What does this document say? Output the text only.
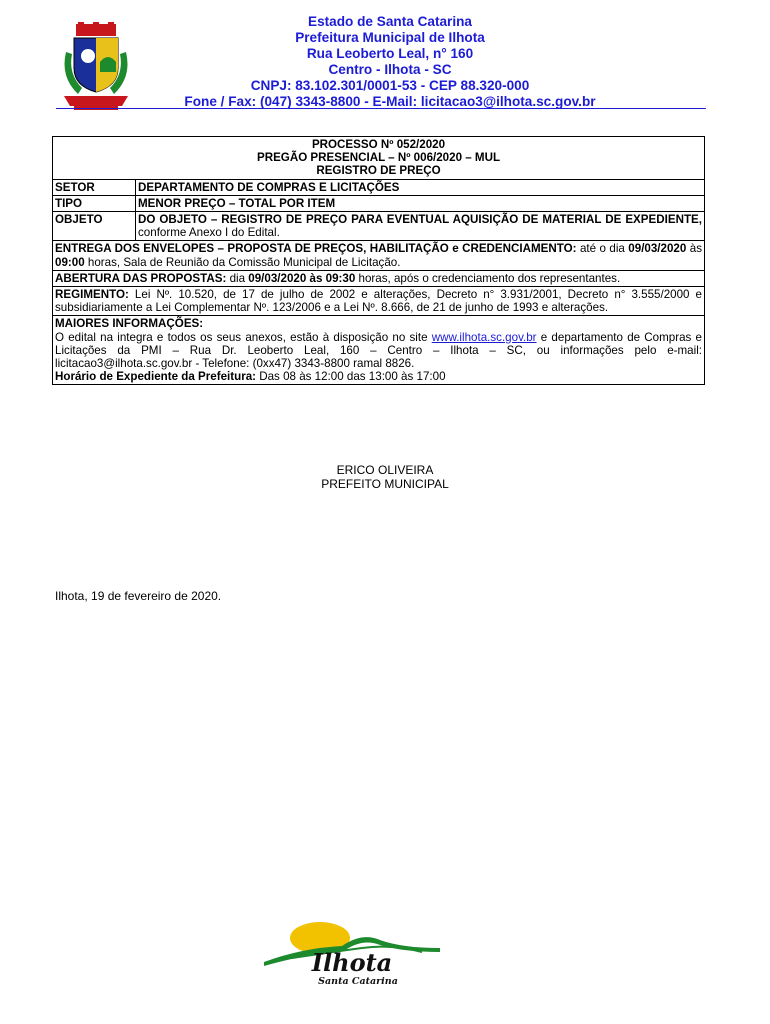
Estado de Santa Catarina
Prefeitura Municipal de Ilhota
Rua Leoberto Leal, n° 160
Centro - Ilhota - SC
CNPJ: 83.102.301/0001-53 - CEP 88.320-000
Fone / Fax: (047) 3343-8800 - E-Mail: licitacao3@ilhota.sc.gov.br
PROCESSO Nº 052/2020
PREGÃO PRESENCIAL – Nº 006/2020 – MUL
REGISTRO DE PREÇO	

SETOR	DEPARTAMENTO DE COMPRAS E LICITAÇÕES
TIPO	MENOR PREÇO – TOTAL POR ITEM
OBJETO	DO OBJETO – REGISTRO DE PREÇO PARA EVENTUAL AQUISIÇÃO DE MATERIAL DE EXPEDIENTE, conforme Anexo I do Edital.
ENTREGA DOS ENVELOPES – PROPOSTA DE PREÇOS, HABILITAÇÃO e CREDENCIAMENTO: até o dia 09/03/2020 às 09:00 horas, Sala de Reunião da Comissão Municipal de Licitação.	
ABERTURA DAS PROPOSTAS: dia 09/03/2020 às 09:30 horas, após o credenciamento dos representantes.	
REGIMENTO: Lei Nº. 10.520, de 17 de julho de 2002 e alterações, Decreto n° 3.931/2001, Decreto n° 3.555/2000 e subsidiariamente a Lei Complementar Nº. 123/2006 e a Lei Nº. 8.666, de 21 de junho de 1993 e alterações.	

MAIORES INFORMAÇÕES:
O edital na integra e todos os seus anexos, estão à disposição no site www.ilhota.sc.gov.br e departamento de Compras e Licitações da PMI – Rua Dr. Leoberto Leal, 160 – Centro – Ilhota – SC, ou informações pelo e-mail: licitacao3@ilhota.sc.gov.br - Telefone: (0xx47) 3343-8800 ramal 8826.
Horário de Expediente da Prefeitura: Das 08 às 12:00 das 13:00 às 17:00	
ERICO OLIVEIRA
PREFEITO MUNICIPAL
Ilhota, 19 de fevereiro de 2020.
Ilhota
Santa Catarina
